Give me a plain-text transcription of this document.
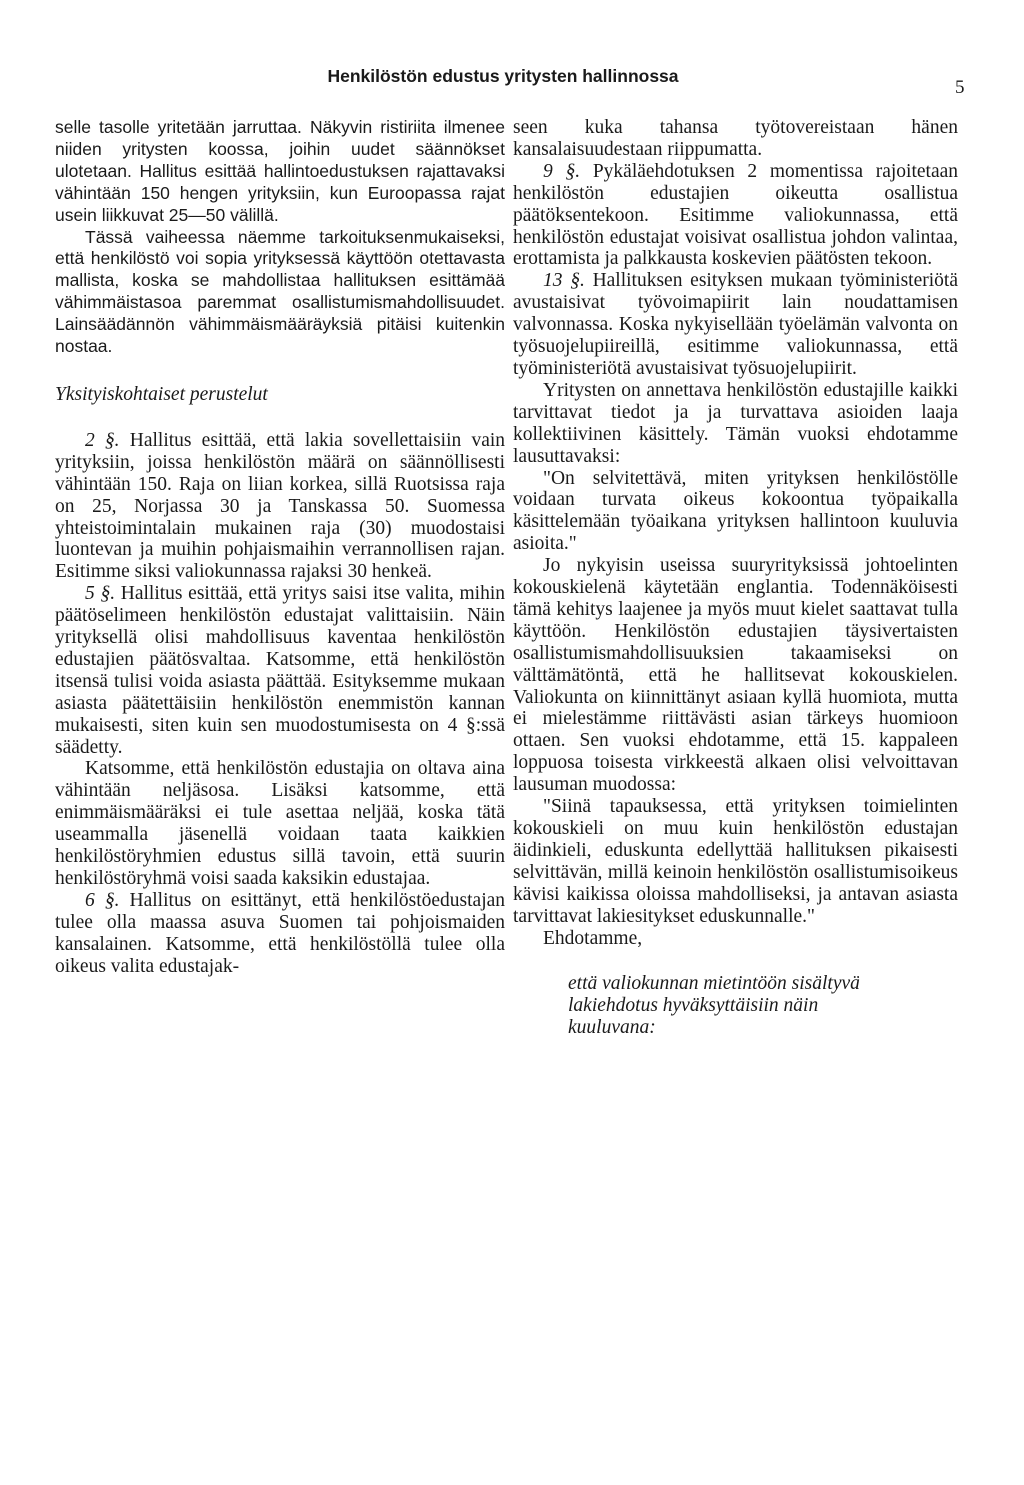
Henkilöstön edustus yritysten hallinnossa
5

selle tasolle yritetään jarruttaa. Näkyvin ristiriita ilmenee niiden yritysten koossa, joihin uudet säännökset ulotetaan. Hallitus esittää hallintoedustuksen rajattavaksi vähintään 150 hengen yrityksiin, kun Euroopassa rajat usein liikkuvat 25—50 välillä.

Tässä vaiheessa näemme tarkoituksenmukaiseksi, että henkilöstö voi sopia yrityksessä käyttöön otettavasta mallista, koska se mahdollistaa hallituksen esittämää vähimmäistasoa paremmat osallistumismahdollisuudet. Lainsäädännön vähimmäismääräyksiä pitäisi kuitenkin nostaa.

Yksityiskohtaiset perustelut

2 §. Hallitus esittää, että lakia sovellettaisiin vain yrityksiin, joissa henkilöstön määrä on säännöllisesti vähintään 150. Raja on liian korkea, sillä Ruotsissa raja on 25, Norjassa 30 ja Tanskassa 50. Suomessa yhteistoimintalain mukainen raja (30) muodostaisi luontevan ja muihin pohjaismaihin verrannollisen rajan. Esitimme siksi valiokunnassa rajaksi 30 henkeä.

5 §. Hallitus esittää, että yritys saisi itse valita, mihin päätöselimeen henkilöstön edustajat valittaisiin. Näin yrityksellä olisi mahdollisuus kaventaa henkilöstön edustajien päätösvaltaa. Katsomme, että henkilöstön itsensä tulisi voida asiasta päättää. Esityksemme mukaan asiasta päätettäisiin henkilöstön enemmistön kannan mukaisesti, siten kuin sen muodostumisesta on 4 §:ssä säädetty.

Katsomme, että henkilöstön edustajia on oltava aina vähintään neljäsosa. Lisäksi katsomme, että enimmäismääräksi ei tule asettaa neljää, koska tätä useammalla jäsenellä voidaan taata kaikkien henkilöstöryhmien edustus sillä tavoin, että suurin henkilöstöryhmä voisi saada kaksikin edustajaa.

6 §. Hallitus on esittänyt, että henkilöstöedustajan tulee olla maassa asuva Suomen tai pohjoismaiden kansalainen. Katsomme, että henkilöstöllä tulee olla oikeus valita edustajak-

seen kuka tahansa työtovereistaan hänen kansalaisuudestaan riippumatta.

9 §. Pykäläehdotuksen 2 momentissa rajoitetaan henkilöstön edustajien oikeutta osallistua päätöksentekoon. Esitimme valiokunnassa, että henkilöstön edustajat voisivat osallistua johdon valintaa, erottamista ja palkkausta koskevien päätösten tekoon.

13 §. Hallituksen esityksen mukaan työministeriötä avustaisivat työvoimapiirit lain noudattamisen valvonnassa. Koska nykyisellään työelämän valvonta on työsuojelupiireillä, esitimme valiokunnassa, että työministeriötä avustaisivat työsuojelupiirit.

Yritysten on annettava henkilöstön edustajille kaikki tarvittavat tiedot ja ja turvattava asioiden laaja kollektiivinen käsittely. Tämän vuoksi ehdotamme lausuttavaksi:

"On selvitettävä, miten yrityksen henkilöstölle voidaan turvata oikeus kokoontua työpaikalla käsittelemään työaikana yrityksen hallintoon kuuluvia asioita."

Jo nykyisin useissa suuryrityksissä johtoelinten kokouskielenä käytetään englantia. Todennäköisesti tämä kehitys laajenee ja myös muut kielet saattavat tulla käyttöön. Henkilöstön edustajien täysivertaisten osallistumismahdollisuuksien takaamiseksi on välttämätöntä, että he hallitsevat kokouskielen. Valiokunta on kiinnittänyt asiaan kyllä huomiota, mutta ei mielestämme riittävästi asian tärkeys huomioon ottaen. Sen vuoksi ehdotamme, että 15. kappaleen loppuosa toisesta virkkeestä alkaen olisi velvoittavan lausuman muodossa:

"Siinä tapauksessa, että yrityksen toimielinten kokouskieli on muu kuin henkilöstön edustajan äidinkieli, eduskunta edellyttää hallituksen pikaisesti selvittävän, millä keinoin henkilöstön osallistumisoikeus kävisi kaikissa oloissa mahdolliseksi, ja antavan asiasta tarvittavat lakiesitykset eduskunnalle."

Ehdotamme,

että valiokunnan mietintöön sisältyvä lakiehdotus hyväksyttäisiin näin kuuluvana:
